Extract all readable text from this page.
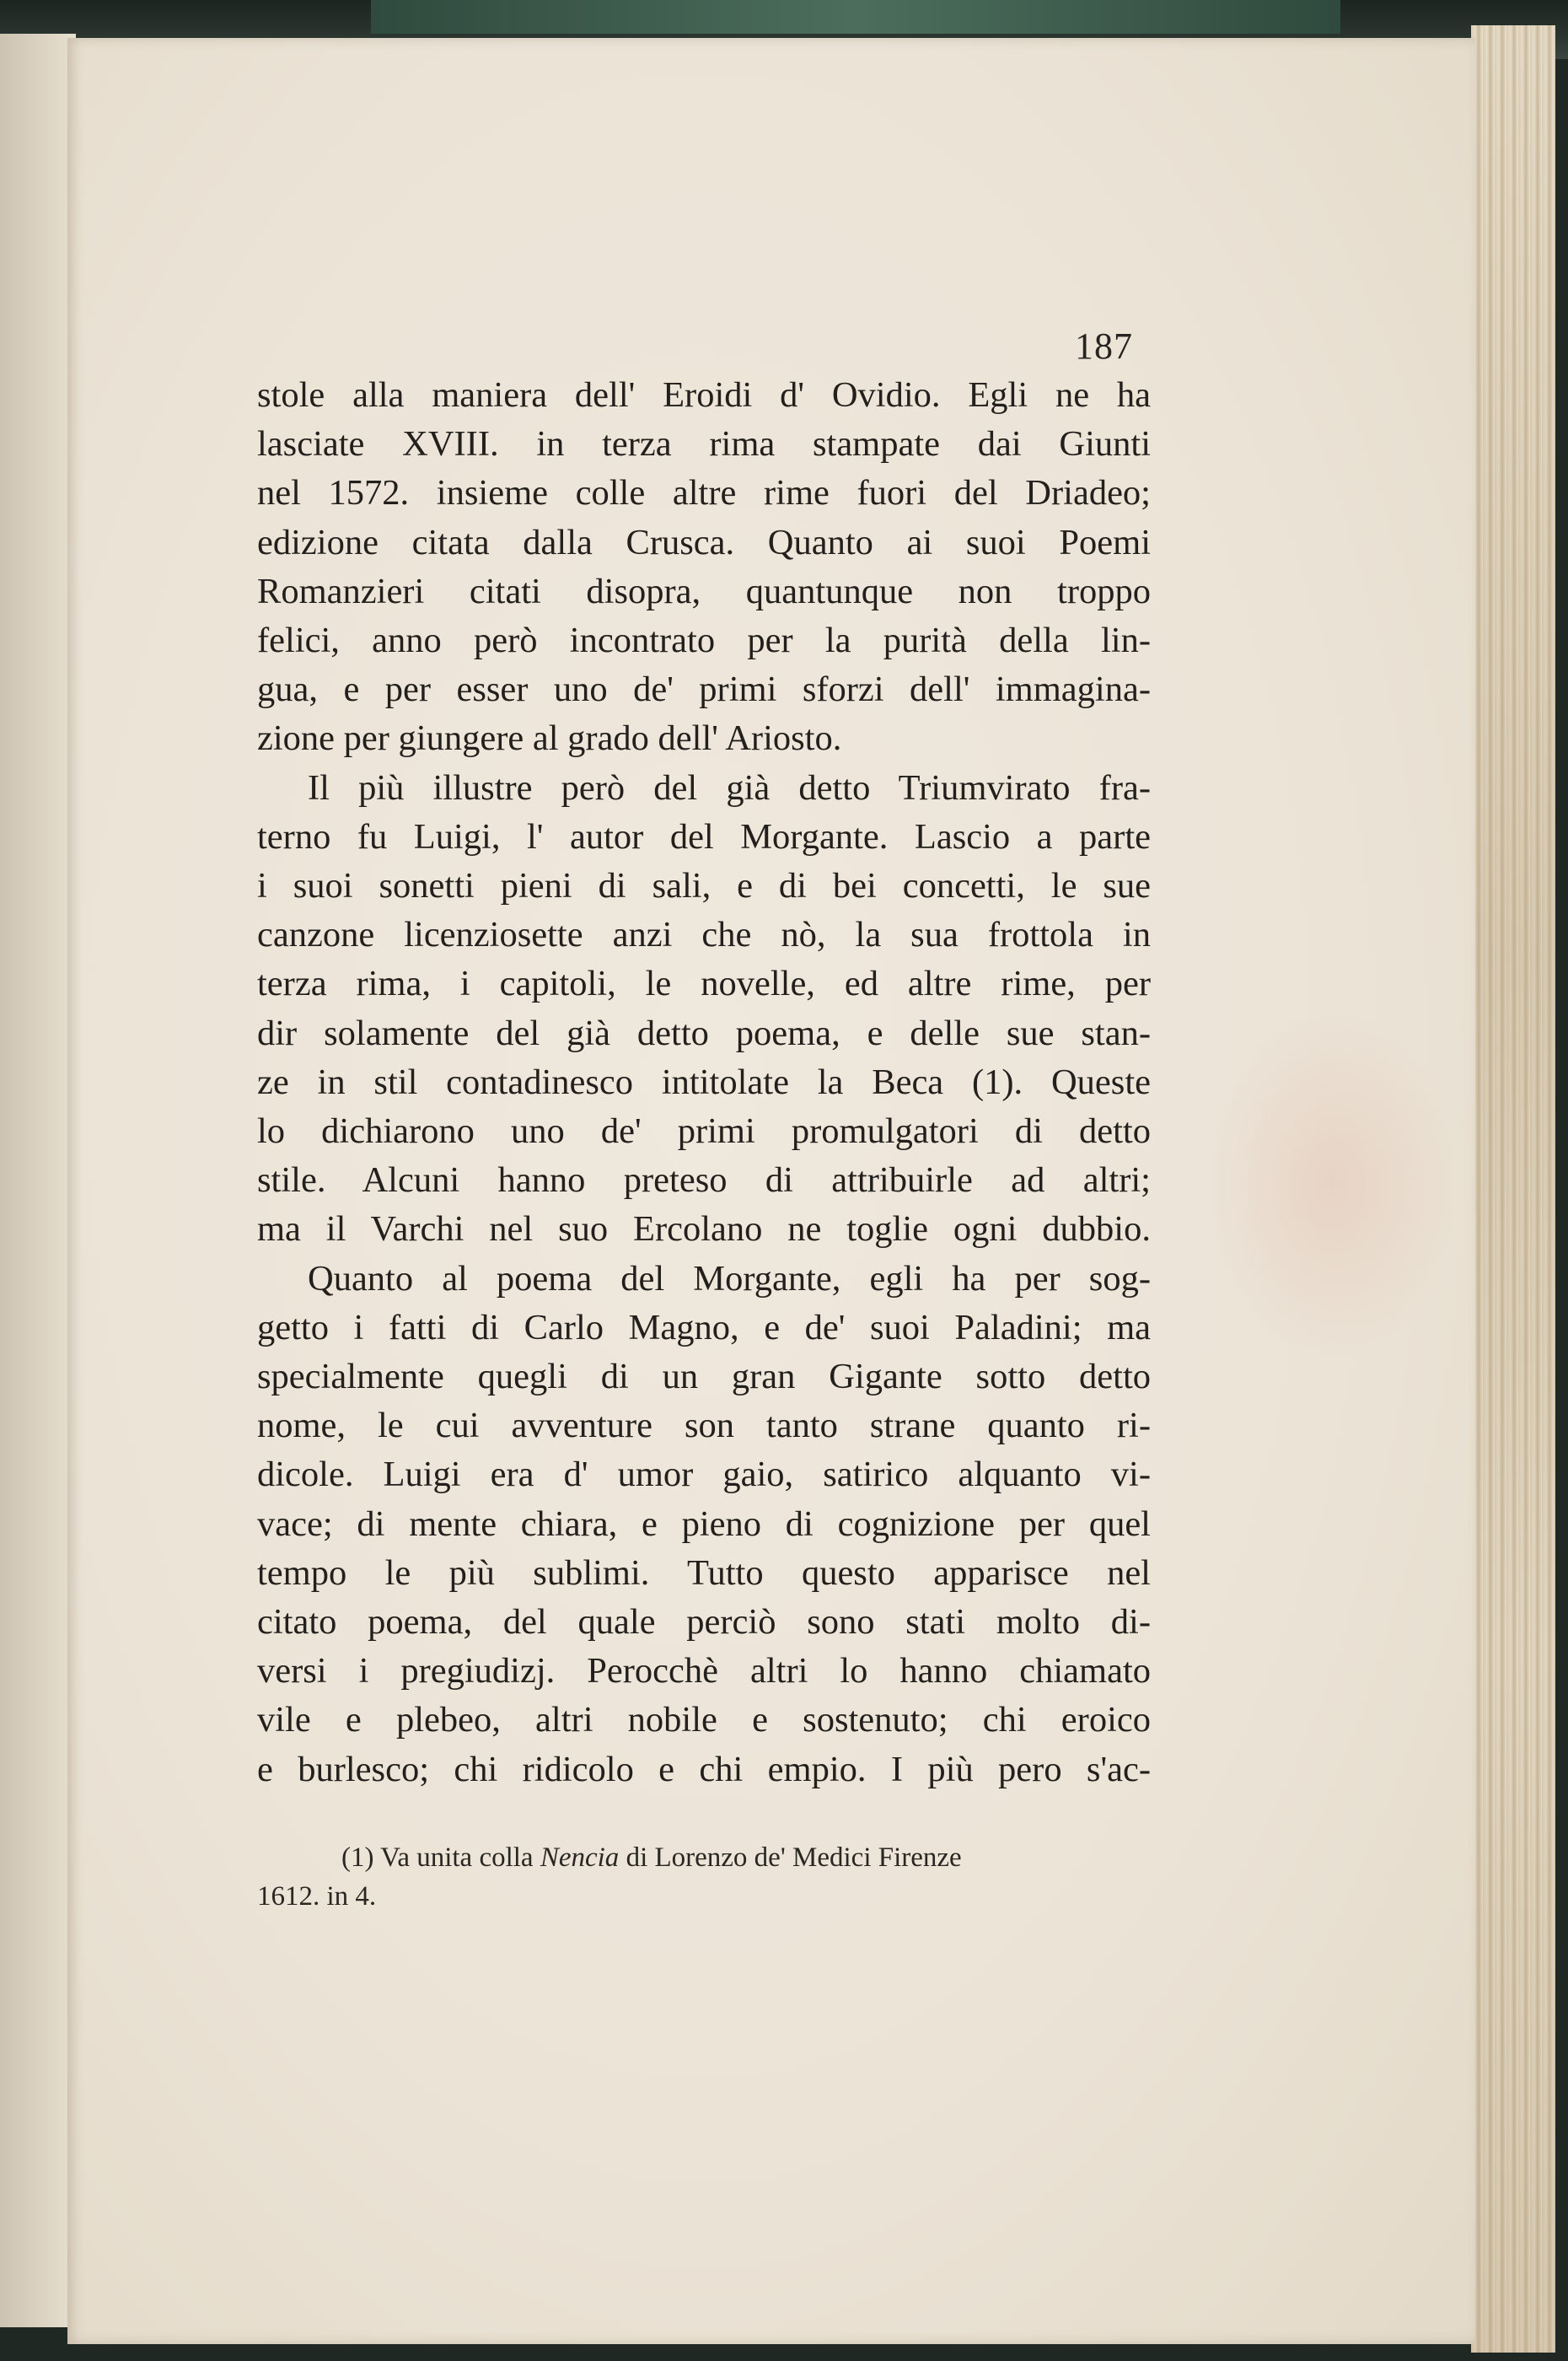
187
stole alla maniera dell' Eroidi d' Ovidio. Egli ne ha
lasciate XVIII. in terza rima stampate dai Giunti
nel 1572. insieme colle altre rime fuori del Driadeo;
edizione citata dalla Crusca. Quanto ai suoi Poemi
Romanzieri citati disopra, quantunque non troppo
felici, anno però incontrato per la purità della lin-
gua, e per esser uno de' primi sforzi dell' immagina-
zione per giungere al grado dell' Ariosto.
Il più illustre però del già detto Triumvirato fra-
terno fu Luigi, l' autor del Morgante. Lascio a parte
i suoi sonetti pieni di sali, e di bei concetti, le sue
canzone licenziosette anzi che nò, la sua frottola in
terza rima, i capitoli, le novelle, ed altre rime, per
dir solamente del già detto poema, e delle sue stan-
ze in stil contadinesco intitolate la Beca (1). Queste
lo dichiarono uno de' primi promulgatori di detto
stile. Alcuni hanno preteso di attribuirle ad altri;
ma il Varchi nel suo Ercolano ne toglie ogni dubbio.
Quanto al poema del Morgante, egli ha per sog-
getto i fatti di Carlo Magno, e de' suoi Paladini; ma
specialmente quegli di un gran Gigante sotto detto
nome, le cui avventure son tanto strane quanto ri-
dicole. Luigi era d' umor gaio, satirico alquanto vi-
vace; di mente chiara, e pieno di cognizione per quel
tempo le più sublimi. Tutto questo apparisce nel
citato poema, del quale perciò sono stati molto di-
versi i pregiudizj. Perocchè altri lo hanno chiamato
vile e plebeo, altri nobile e sostenuto; chi eroico
e burlesco; chi ridicolo e chi empio. I più pero s'ac-
(1) Va unita colla Nencia di Lorenzo de' Medici Firenze
1612. in 4.
